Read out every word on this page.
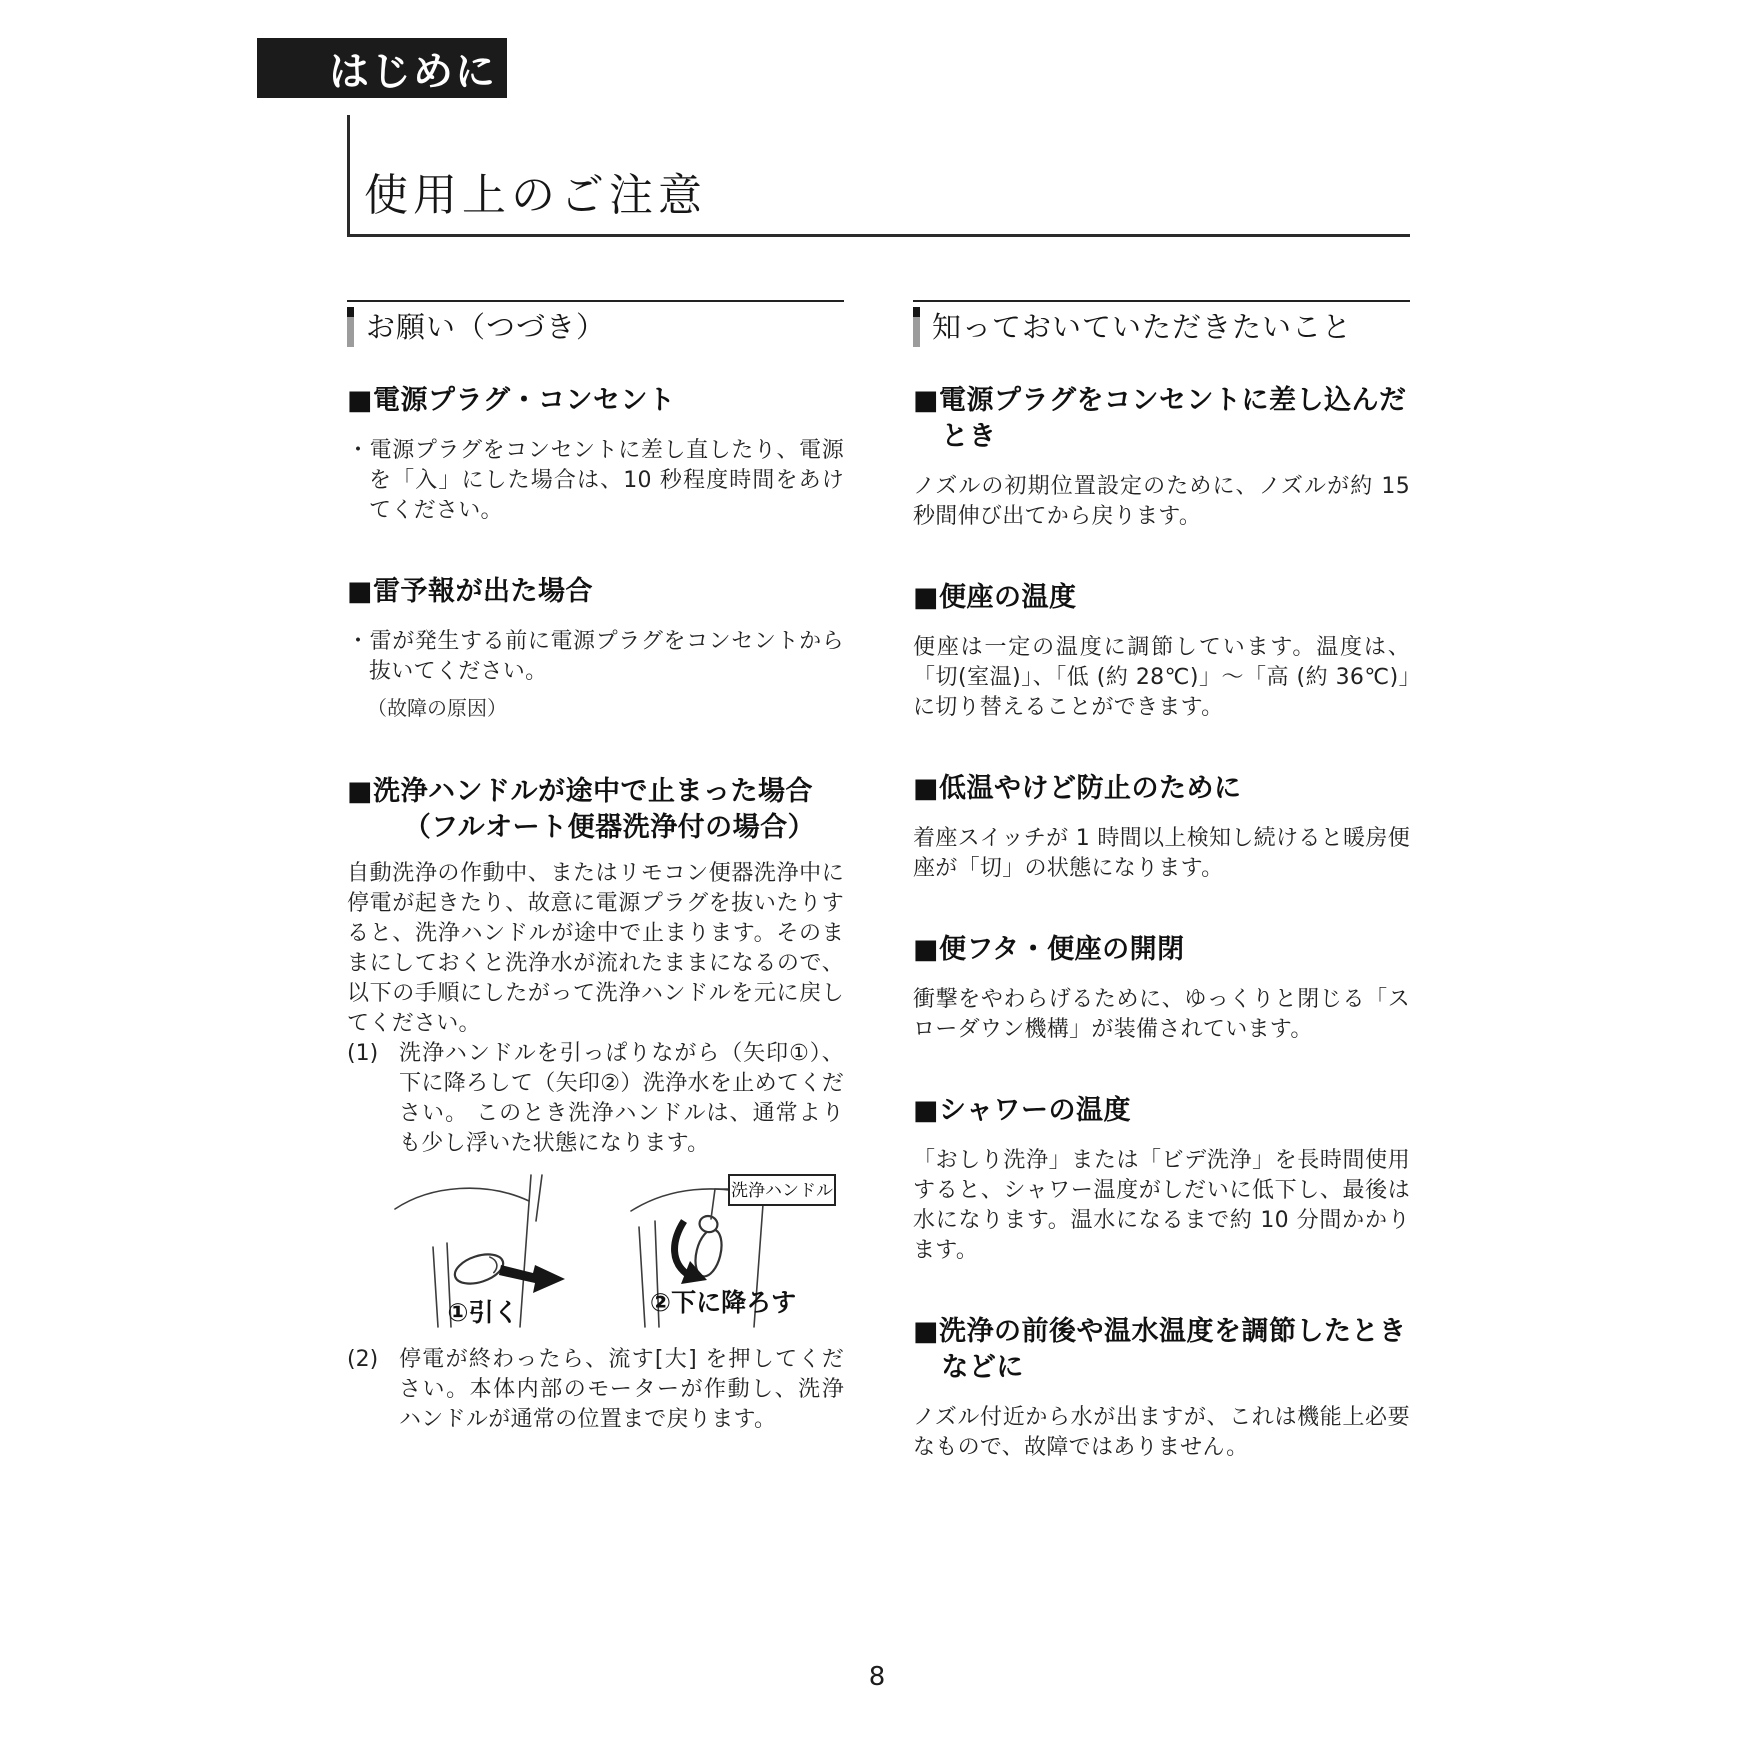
はじめに
使用上のご注意
お願い（つづき）
■電源プラグ・コンセント
・電源プラグをコンセントに差し直したり、電源を「入」にした場合は、10 秒程度時間をあけてください。
■雷予報が出た場合
・雷が発生する前に電源プラグをコンセントから抜いてください。
（故障の原因）
■洗浄ハンドルが途中で止まった場合
（フルオート便器洗浄付の場合）
自動洗浄の作動中、またはリモコン便器洗浄中に停電が起きたり、故意に電源プラグを抜いたりすると、洗浄ハンドルが途中で止まります。そのままにしておくと洗浄水が流れたままになるので、以下の手順にしたがって洗浄ハンドルを元に戻してください。
(1) 洗浄ハンドルを引っぱりながら（矢印①）、下に降ろして（矢印②）洗浄水を止めてください。 このとき洗浄ハンドルは、通常よりも少し浮いた状態になります。
①引く	②下に降ろす
洗浄ハンドル
(2) 停電が終わったら、流す[大] を押してください。本体内部のモーターが作動し、洗浄ハンドルが通常の位置まで戻ります。
知っておいていただきたいこと
■電源プラグをコンセントに差し込んだとき
ノズルの初期位置設定のために、ノズルが約 15 秒間伸び出てから戻ります。
■便座の温度
便座は一定の温度に調節しています。温度は、「切(室温)」、「低 (約 28℃)」〜「高 (約 36℃)」に切り替えることができます。
■低温やけど防止のために
着座スイッチが 1 時間以上検知し続けると暖房便座が「切」の状態になります。
■便フタ・便座の開閉
衝撃をやわらげるために、ゆっくりと閉じる「スローダウン機構」が装備されています。
■シャワーの温度
「おしり洗浄」または「ビデ洗浄」を長時間使用すると、シャワー温度がしだいに低下し、最後は水になります。温水になるまで約 10 分間かかります。
■洗浄の前後や温水温度を調節したときなどに
ノズル付近から水が出ますが、これは機能上必要なもので、故障ではありません。
8
